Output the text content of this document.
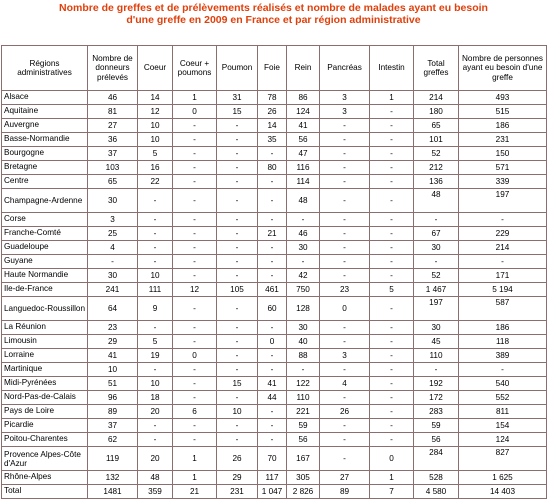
Nombre de greffes et de prélèvements réalisés et nombre de malades ayant eu besoin
d'une greffe en 2009 en France et par région administrative
Régions administratives	Nombre de donneurs prélevés	Coeur	Coeur + poumons	Poumon	Foie	Rein	Pancréas	Intestin	Total greffes	Nombre de personnes ayant eu besoin d'une greffe
Alsace	46	14	1	31	78	86	3	1	214	493
Aquitaine	81	12	0	15	26	124	3	-	180	515
Auvergne	27	10	-	-	14	41	-	-	65	186
Basse-Normandie	36	10	-	-	35	56	-	-	101	231
Bourgogne	37	5	-	-	-	47	-	-	52	150
Bretagne	103	16	-	-	80	116	-	-	212	571
Centre	65	22	-	-	-	114	-	-	136	339
Champagne-Ardenne	30	-	-	-	-	48	-	-	48	197
Corse	3	-	-	-	-	-	-	-	-	-
Franche-Comté	25	-	-	-	21	46	-	-	67	229
Guadeloupe	4	-	-	-	-	30	-	-	30	214
Guyane	-	-	-	-	-	-	-	-	-	-
Haute Normandie	30	10	-	-	-	42	-	-	52	171
Ile-de-France	241	111	12	105	461	750	23	5	1 467	5 194
Languedoc-Roussillon	64	9	-	-	60	128	0	-	197	587
La Réunion	23	-	-	-	-	30	-	-	30	186
Limousin	29	5	-	-	0	40	-	-	45	118
Lorraine	41	19	0	-	-	88	3	-	110	389
Martinique	10	-	-	-	-	-	-	-	-	-
Midi-Pyrénées	51	10	-	15	41	122	4	-	192	540
Nord-Pas-de-Calais	96	18	-	-	44	110	-	-	172	552
Pays de Loire	89	20	6	10	-	221	26	-	283	811
Picardie	37	-	-	-	-	59	-	-	59	154
Poitou-Charentes	62	-	-	-	-	56	-	-	56	124
Provence Alpes-Côte d'Azur	119	20	1	26	70	167	-	0	284	827
Rhône-Alpes	132	48	1	29	117	305	27	1	528	1 625
Total	1481	359	21	231	1 047	2 826	89	7	4 580	14 403
